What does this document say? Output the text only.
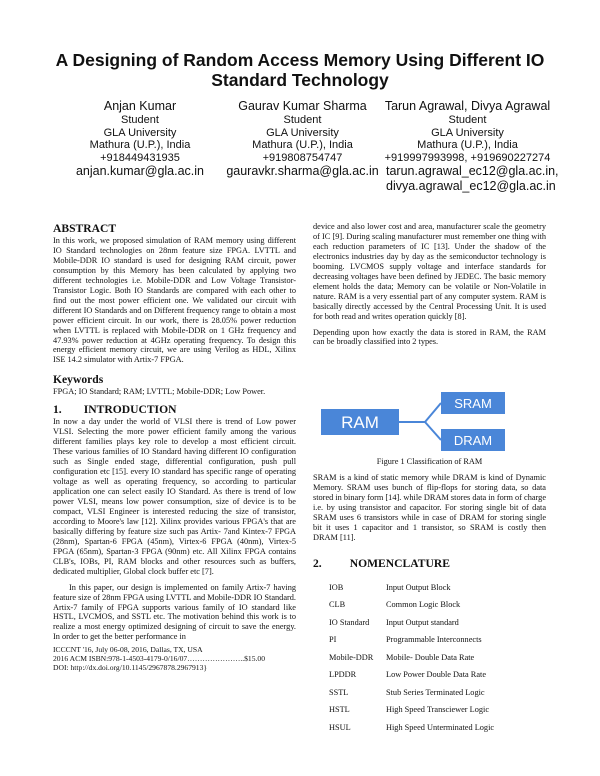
A Designing of Random Access Memory Using Different IO Standard Technology
Anjan Kumar
Student
GLA University
Mathura (U.P.), India
+918449431935
anjan.kumar@gla.ac.in
Gaurav Kumar Sharma
Student
GLA University
Mathura (U.P.), India
+919808754747
gauravkr.sharma@gla.ac.in
Tarun Agrawal, Divya Agrawal
Student
GLA University
Mathura (U.P.), India
+919997993998, +919690227274
tarun.agrawal_ec12@gla.ac.in,
divya.agrawal_ec12@gla.ac.in
ABSTRACT

In this work, we proposed simulation of RAM memory using different IO Standard technologies on 28nm feature size FPGA. LVTTL and Mobile-DDR IO standard is used for designing RAM circuit, power consumption by this Memory has been calculated by applying two different technologies i.e. Mobile-DDR and Low Voltage Transistor- Transistor Logic. Both IO Standards are compared with each other to find out the most power efficient one. We validated our circuit with different IO Standards and on Different frequency range to obtain a most power efficient circuit. In our work, there is 28.05% power reduction when LVTTL is replaced with Mobile-DDR on 1 GHz frequency and 47.93% power reduction at 4GHz operating frequency. To design this energy efficient memory circuit, we are using Verilog as HDL, Xilinx ISE 14.2 simulator with Artix-7 FPGA.

Keywords

FPGA; IO Standard; RAM; LVTTL; Mobile-DDR; Low Power.

1. INTRODUCTION

In now a day under the world of VLSI there is trend of Low power VLSI. Selecting the more power efficient family among the various different families plays key role to develop a most efficient circuit. These various families of IO Standard having different IO configuration such as Single ended stage, differential configuration, push pull configuration etc [15]. every IO standard has specific range of operating voltage as well as operating frequency, so according to particular application one can select easily IO Standard. As there is trend of low power VLSI, means low power consumption, size of device is to be compact, VLSI Engineer is interested reducing the size of transistor, according to Moore's law [12]. Xilinx provides various FPGA's that are basically differing by feature size such pas Artix- 7and Kintex-7 FPGA (28nm), Spartan-6 FPGA (45nm), Virtex-6 FPGA (40nm), Virtex-5 FPGA (65nm), Spartan-3 FPGA (90nm) etc. All Xilinx FPGA contains CLB's, IOBs, PI, RAM blocks and other resources such as buffers, dedicated multiplier, Global clock buffer etc [7].

In this paper, our design is implemented on family Artix-7 having feature size of 28nm FPGA using LVTTL and Mobile-DDR IO Standard. Artix-7 family of FPGA supports various family of IO standard like HSTL, LVCMOS, and SSTL etc. The motivation behind this work is to realize a most energy optimized designing of circuit to save the energy. In order to get the better performance in

ICCCNT '16, July 06-08, 2016, Dallas, TX, USA
2016 ACM ISBN:978-1-4503-4179-0/16/07…………………..$15.00
DOI: http://dx.doi.org/10.1145/2967878.2967913}

device and also lower cost and area, manufacturer scale the geometry of IC [9]. During scaling manufacturer must remember one thing with each reduction parameters of IC [13]. Under the shadow of the electronics industries day by day as the semiconductor technology is booming. LVCMOS supply voltage and interface standards for decreasing voltages have been defined by JEDEC. The basic memory element holds the data; Memory can be volatile or Non-Volatile in nature. RAM is a very essential part of any computer system. RAM is basically directly accessed by the Central Processing Unit. It is used for both read and writes operation quickly [8].

Depending upon how exactly the data is stored in RAM, the RAM can be broadly classified into 2 types.

RAM
SRAM
DRAM
Figure 1 Classification of RAM

SRAM is a kind of static memory while DRAM is kind of Dynamic Memory. SRAM uses bunch of flip-flops for storing data, so data stored in binary form [14]. while DRAM stores data in form of charge i.e. by using transistor and capacitor. For storing single bit of data SRAM uses 6 transistors while in case of DRAM for storing single bit it uses 1 capacitor and 1 transistor, so SRAM is costly then DRAM [11].

2. NOMENCLATURE
IOB	Input Output Block
CLB	Common Logic Block
IO Standard	Input Output standard
PI	Programmable Interconnects
Mobile-DDR	Mobile- Double Data Rate
LPDDR	Low Power Double Data Rate
SSTL	Stub Series Terminated Logic
HSTL	High Speed Transciewer Logic
HSUL	High Speed Unterminated Logic
